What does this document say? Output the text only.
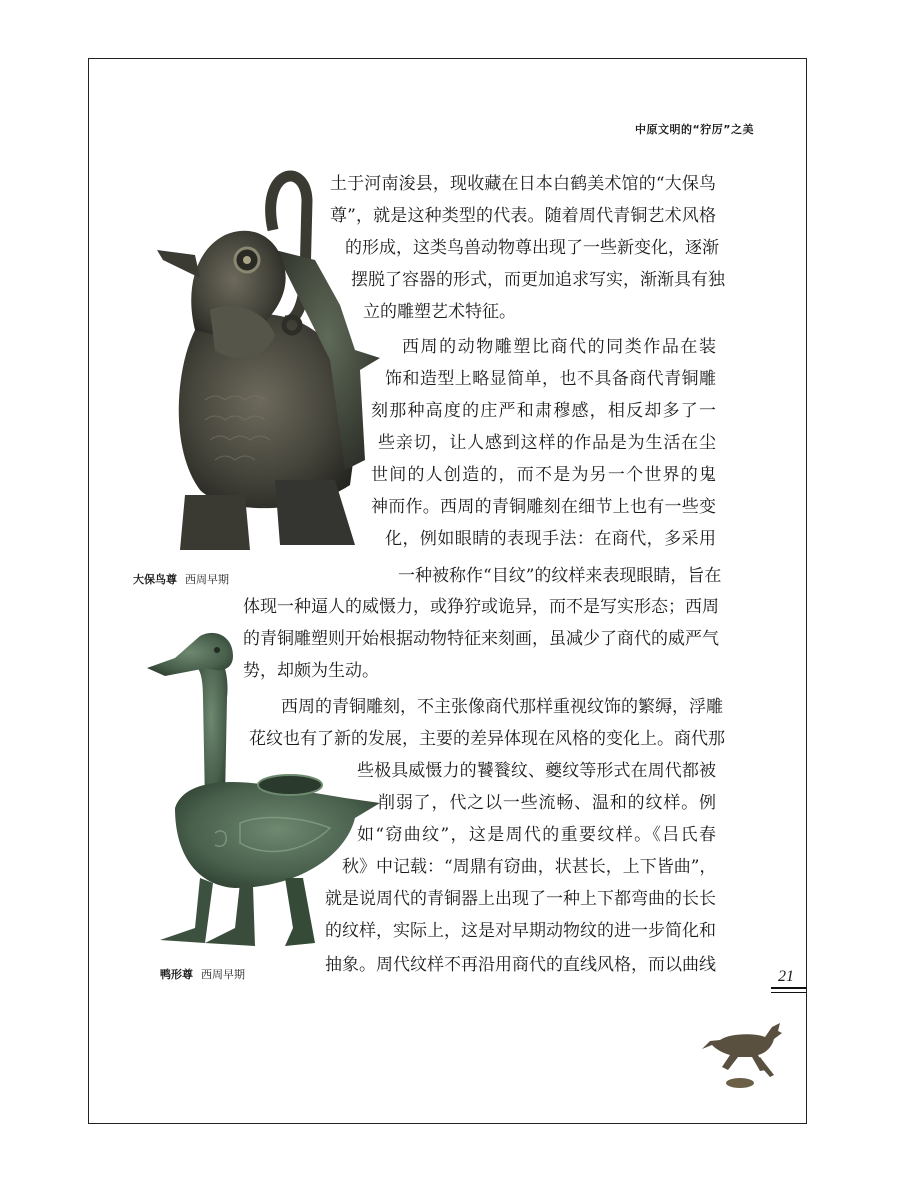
中原文明的“狞厉”之美
大保鸟尊 西周早期
鸭形尊 西周早期
土于河南浚县，现收藏在日本白鹤美术馆的“大保鸟
尊”，就是这种类型的代表。随着周代青铜艺术风格
的形成，这类鸟兽动物尊出现了一些新变化，逐渐
摆脱了容器的形式，而更加追求写实，渐渐具有独
立的雕塑艺术特征。
西周的动物雕塑比商代的同类作品在装
饰和造型上略显简单，也不具备商代青铜雕
刻那种高度的庄严和肃穆感，相反却多了一
些亲切，让人感到这样的作品是为生活在尘
世间的人创造的，而不是为另一个世界的鬼
神而作。西周的青铜雕刻在细节上也有一些变
化，例如眼睛的表现手法：在商代，多采用
一种被称作“目纹”的纹样来表现眼睛，旨在
体现一种逼人的威慑力，或狰狞或诡异，而不是写实形态；西周
的青铜雕塑则开始根据动物特征来刻画，虽减少了商代的威严气
势，却颇为生动。
西周的青铜雕刻，不主张像商代那样重视纹饰的繁缛，浮雕
花纹也有了新的发展，主要的差异体现在风格的变化上。商代那
些极具威慑力的饕餮纹、夔纹等形式在周代都被
削弱了，代之以一些流畅、温和的纹样。例
如“窃曲纹”，这是周代的重要纹样。《吕氏春
秋》中记载：“周鼎有窃曲，状甚长，上下皆曲”，
就是说周代的青铜器上出现了一种上下都弯曲的长长
的纹样，实际上，这是对早期动物纹的进一步简化和
抽象。周代纹样不再沿用商代的直线风格，而以曲线
21
